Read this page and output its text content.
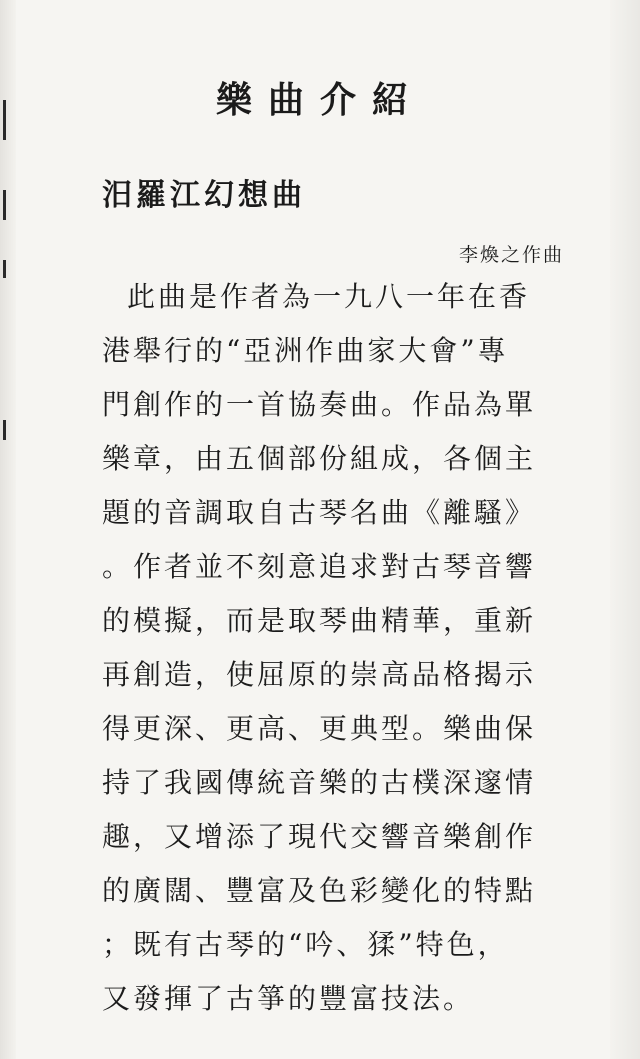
樂曲介紹
汨羅江幻想曲
李煥之作曲
此曲是作者為一九八一年在香
港舉行的“亞洲作曲家大會”專
門創作的一首協奏曲。作品為單
樂章，由五個部份組成，各個主
題的音調取自古琴名曲《離騷》
。作者並不刻意追求對古琴音響
的模擬，而是取琴曲精華，重新
再創造，使屈原的崇高品格揭示
得更深、更高、更典型。樂曲保
持了我國傳統音樂的古樸深邃情
趣，又增添了現代交響音樂創作
的廣闊、豐富及色彩變化的特點
；既有古琴的“吟、猱”特色，
又發揮了古箏的豐富技法。
